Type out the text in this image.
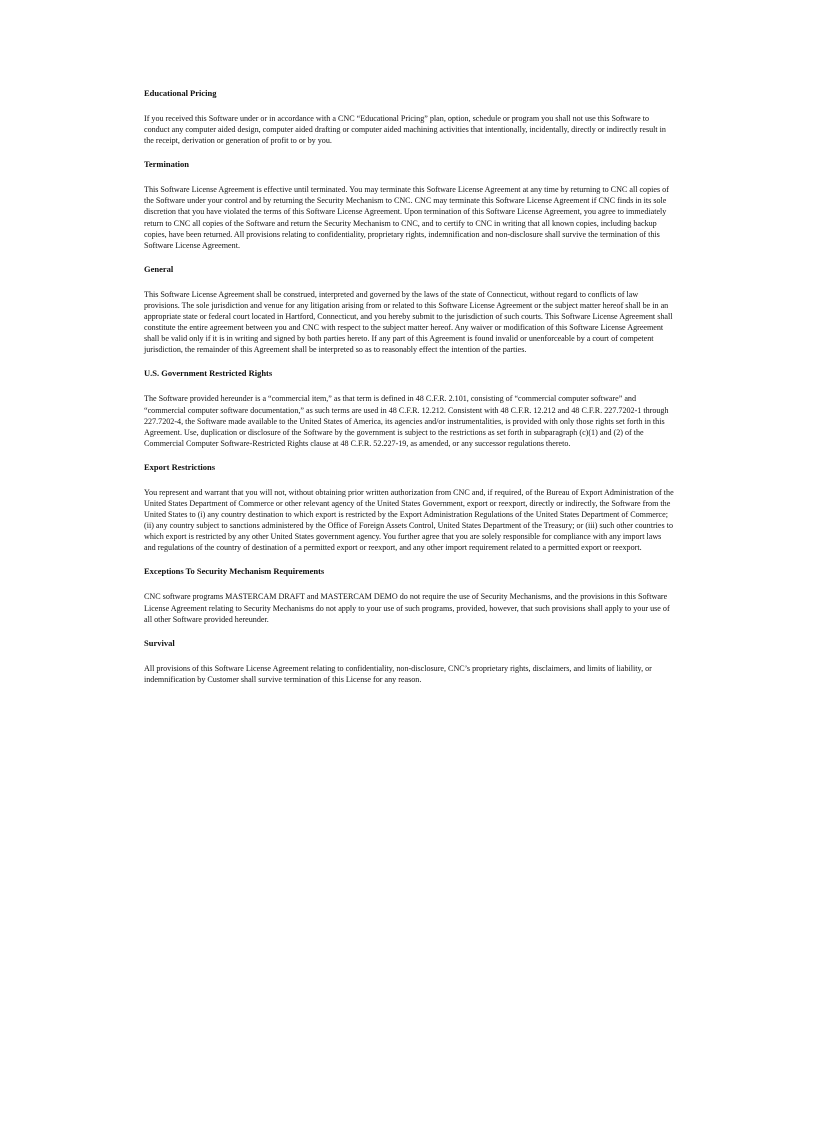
Educational Pricing
If you received this Software under or in accordance with a CNC “Educational Pricing” plan, option, schedule or program you shall not use this Software to conduct any computer aided design, computer aided drafting or computer aided machining activities that intentionally, incidentally, directly or indirectly result in the receipt, derivation or generation of profit to or by you.
Termination
This Software License Agreement is effective until terminated. You may terminate this Software License Agreement at any time by returning to CNC all copies of the Software under your control and by returning the Security Mechanism to CNC. CNC may terminate this Software License Agreement if CNC finds in its sole discretion that you have violated the terms of this Software License Agreement. Upon termination of this Software License Agreement, you agree to immediately return to CNC all copies of the Software and return the Security Mechanism to CNC, and to certify to CNC in writing that all known copies, including backup copies, have been returned. All provisions relating to confidentiality, proprietary rights, indemnification and non-disclosure shall survive the termination of this Software License Agreement.
General
This Software License Agreement shall be construed, interpreted and governed by the laws of the state of Connecticut, without regard to conflicts of law provisions. The sole jurisdiction and venue for any litigation arising from or related to this Software License Agreement or the subject matter hereof shall be in an appropriate state or federal court located in Hartford, Connecticut, and you hereby submit to the jurisdiction of such courts. This Software License Agreement shall constitute the entire agreement between you and CNC with respect to the subject matter hereof. Any waiver or modification of this Software License Agreement shall be valid only if it is in writing and signed by both parties hereto. If any part of this Agreement is found invalid or unenforceable by a court of competent jurisdiction, the remainder of this Agreement shall be interpreted so as to reasonably effect the intention of the parties.
U.S. Government Restricted Rights
The Software provided hereunder is a “commercial item,” as that term is defined in 48 C.F.R. 2.101, consisting of “commercial computer software” and “commercial computer software documentation,” as such terms are used in 48 C.F.R. 12.212. Consistent with 48 C.F.R. 12.212 and 48 C.F.R. 227.7202-1 through 227.7202-4, the Software made available to the United States of America, its agencies and/or instrumentalities, is provided with only those rights set forth in this Agreement. Use, duplication or disclosure of the Software by the government is subject to the restrictions as set forth in subparagraph (c)(1) and (2) of the Commercial Computer Software-Restricted Rights clause at 48 C.F.R. 52.227-19, as amended, or any successor regulations thereto.
Export Restrictions
You represent and warrant that you will not, without obtaining prior written authorization from CNC and, if required, of the Bureau of Export Administration of the United States Department of Commerce or other relevant agency of the United States Government, export or reexport, directly or indirectly, the Software from the United States to (i) any country destination to which export is restricted by the Export Administration Regulations of the United States Department of Commerce; (ii) any country subject to sanctions administered by the Office of Foreign Assets Control, United States Department of the Treasury; or (iii) such other countries to which export is restricted by any other United States government agency. You further agree that you are solely responsible for compliance with any import laws and regulations of the country of destination of a permitted export or reexport, and any other import requirement related to a permitted export or reexport.
Exceptions To Security Mechanism Requirements
CNC software programs MASTERCAM DRAFT and MASTERCAM DEMO do not require the use of Security Mechanisms, and the provisions in this Software License Agreement relating to Security Mechanisms do not apply to your use of such programs, provided, however, that such provisions shall apply to your use of all other Software provided hereunder.
Survival
All provisions of this Software License Agreement relating to confidentiality, non-disclosure, CNC’s proprietary rights, disclaimers, and limits of liability, or indemnification by Customer shall survive termination of this License for any reason.
